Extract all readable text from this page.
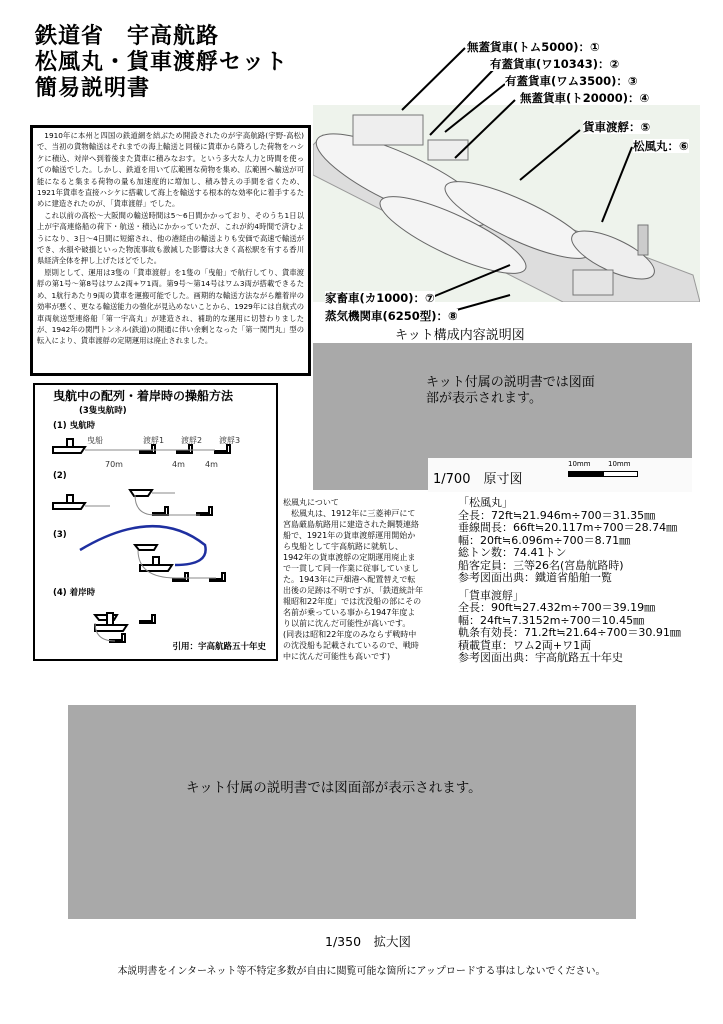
鉄道省　宇高航路
松風丸・貨車渡艀セット
簡易説明書

1910年に本州と四国の鉄道網を結ぶため開設されたのが宇高航路(宇野-高松)で、当初の貨物輸送はそれまでの海上輸送と同様に貨車から降ろした荷物をハシケに積込、対岸へ到着後また貨車に積みなおす。という多大な人力と時間を使っての輸送でした。しかし、鉄道を用いて広範囲な荷物を集め、広範囲へ輸送が可能になると集まる荷物の量も加速度的に増加し、積み替えの手間を省くため、1921年貨車を直接ハシケに搭載して海上を輸送する根本的な効率化に着手するために建造されたのが、「貨車渡艀」でした。

これ以前の高松～大阪間の輸送時間は5～6日間かかっており、そのうち1日以上が宇高連絡船の荷下・航送・積込にかかっていたが、これが約4時間で済むようになり、3日～4日間に短縮され、他の港経由の輸送よりも安価で高速で輸送ができ、水損や破損といった物流事故も激減した影響は大きく高松駅を有する香川県経済全体を押し上げたほどでした。

原則として、運用は3隻の「貨車渡艀」を1隻の「曳船」で航行してり、貨車渡艀の第1号～第8号はワム2両+ワ1両。第9号～第14号はワム3両が搭載できるため、1航行あたり9両の貨車を運搬可能でした。画期的な輸送方法ながら離着岸の効率が悪く、更なる輸送能力の強化が見込めないことから、1929年には自航式の車両航送型連絡船「第一宇高丸」が建造され、補助的な運用に切替わりましたが、1942年の関門トンネル(鉄道)の開通に伴い余剰となった「第一関門丸」型の転入により、貨車渡艀の定期運用は廃止されました。

無蓋貨車(トム5000)：①
有蓋貨車(ワ10343)：②
有蓋貨車(ワム3500)：③
無蓋貨車(ト20000)：④
貨車渡艀：⑤
松風丸：⑥
家畜車(カ1000)：⑦
蒸気機関車(6250型)：⑧
キット構成内容説明図
キット付属の説明書では図面部が表示されます。
1/700　原寸図
10mm 10mm
曳航中の配列・着岸時の操船方法
(3隻曳航時)
(1) 曳航時
(2)
(3)
(4) 着岸時
曳船	渡艀1 渡艀2 渡艀3
70m	4m	4m
引用：宇高航路五十年史
松風丸について

松風丸は、1912年に三菱神戸にて宮島厳島航路用に建造された鋼製連絡船で、1921年の貨車渡艀運用開始から曳船として宇高航路に就航し、1942年の貨車渡艀の定期運用廃止まで一貫して同一作業に従事していました。1943年に戸畑港へ配置替えで転出後の足跡は不明ですが、「鉄道統計年報昭和22年度」では沈没船の部にその名前が乗っている事から1947年度より以前に沈んだ可能性が高いです。

(同表は昭和22年度のみならず戦時中の沈没船も記載されているので、戦時中に沈んだ可能性も高いです)
「松風丸」
全長：72ft≒21.946m÷700＝31.35㎜
垂線間長：66ft≒20.117m÷700＝28.74㎜
幅：20ft≒6.096m÷700＝8.71㎜
総トン数：74.41トン
船客定員：三等26名(宮島航路時)
参考図面出典：鐵道省船舶一覧
「貨車渡艀」
全長：90ft≒27.432m÷700＝39.19㎜
幅：24ft≒7.3152m÷700＝10.45㎜
軌条有効長：71.2ft≒21.64÷700＝30.91㎜
積載貨車：ワム2両+ワ1両
参考図面出典：宇高航路五十年史
キット付属の説明書では図面部が表示されます。
1/350　拡大図
本説明書をインターネット等不特定多数が自由に閲覧可能な箇所にアップロードする事はしないでください。
